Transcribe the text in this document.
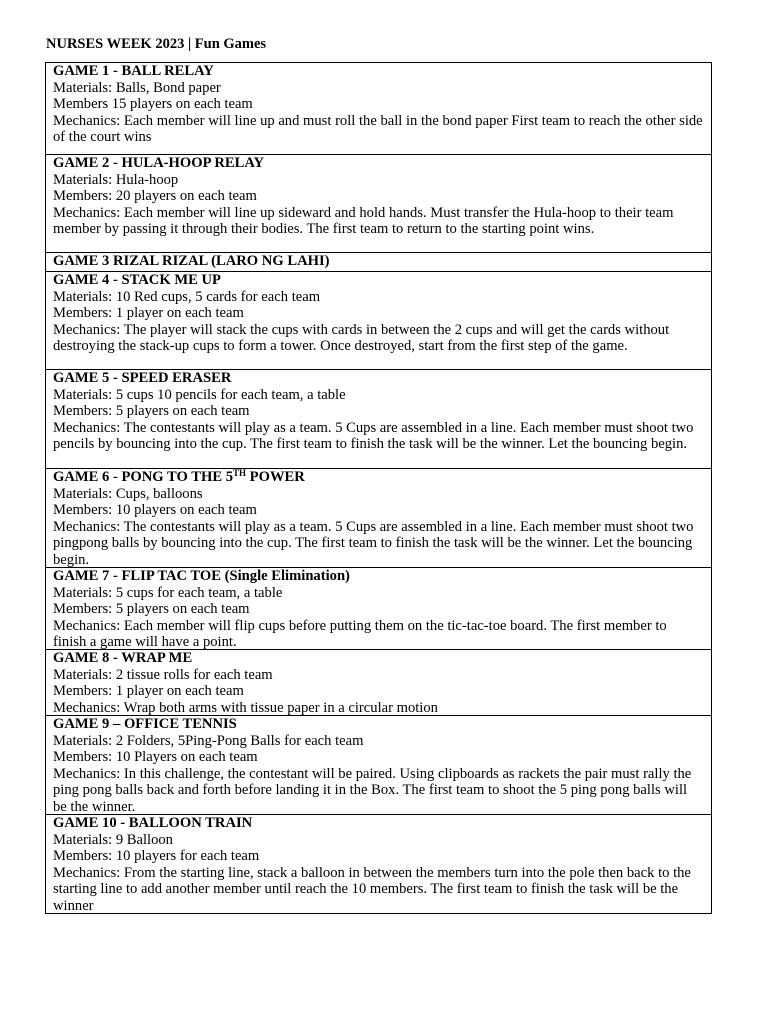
NURSES WEEK 2023 | Fun Games
GAME 1 - BALL RELAY
Materials: Balls, Bond paper
Members 15 players on each team
Mechanics: Each member will line up and must roll the ball in the bond paper First team to reach the other side of the court wins
GAME 2 - HULA-HOOP RELAY
Materials: Hula-hoop
Members: 20 players on each team
Mechanics: Each member will line up sideward and hold hands. Must transfer the Hula-hoop to their team member by passing it through their bodies. The first team to return to the starting point wins.
GAME 3 RIZAL RIZAL (LARO NG LAHI)
GAME 4 - STACK ME UP
Materials: 10 Red cups, 5 cards for each team
Members: 1 player on each team
Mechanics: The player will stack the cups with cards in between the 2 cups and will get the cards without destroying the stack-up cups to form a tower. Once destroyed, start from the first step of the game.
GAME 5 - SPEED ERASER
Materials: 5 cups 10 pencils for each team, a table
Members: 5 players on each team
Mechanics: The contestants will play as a team. 5 Cups are assembled in a line. Each member must shoot two pencils by bouncing into the cup. The first team to finish the task will be the winner. Let the bouncing begin.
GAME 6 - PONG TO THE 5TH POWER
Materials: Cups, balloons
Members: 10 players on each team
Mechanics: The contestants will play as a team. 5 Cups are assembled in a line. Each member must shoot two pingpong balls by bouncing into the cup. The first team to finish the task will be the winner. Let the bouncing begin.
GAME 7 - FLIP TAC TOE (Single Elimination)
Materials: 5 cups for each team, a table
Members: 5 players on each team
Mechanics: Each member will flip cups before putting them on the tic-tac-toe board. The first member to finish a game will have a point.
GAME 8 - WRAP ME
Materials: 2 tissue rolls for each team
Members: 1 player on each team
Mechanics: Wrap both arms with tissue paper in a circular motion
GAME 9 – OFFICE TENNIS
Materials: 2 Folders, 5Ping-Pong Balls for each team
Members: 10 Players on each team
Mechanics: In this challenge, the contestant will be paired. Using clipboards as rackets the pair must rally the ping pong balls back and forth before landing it in the Box. The first team to shoot the 5 ping pong balls will be the winner.
GAME 10 - BALLOON TRAIN
Materials: 9 Balloon
Members: 10 players for each team
Mechanics: From the starting line, stack a balloon in between the members turn into the pole then back to the starting line to add another member until reach the 10 members. The first team to finish the task will be the winner
